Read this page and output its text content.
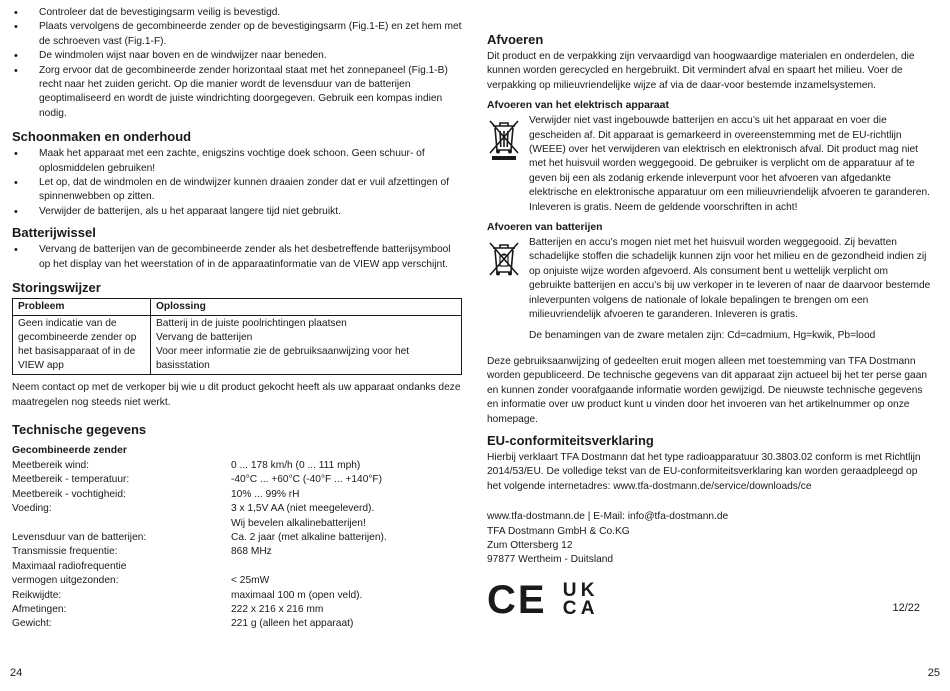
• Controleer dat de bevestigingsarm veilig is bevestigd.
• Plaats vervolgens de gecombineerde zender op de bevestigingsarm (Fig.1-E) en zet hem met de schroeven vast (Fig.1-F).
• De windmolen wijst naar boven en de windwijzer naar beneden.
• Zorg ervoor dat de gecombineerde zender horizontaal staat met het zonnepaneel (Fig.1-B) recht naar het zuiden gericht. Op die manier wordt de levensduur van de batterijen geoptimaliseerd en wordt de juiste windrichting doorgegeven. Gebruik een kompas indien nodig.
Schoonmaken en onderhoud
• Maak het apparaat met een zachte, enigszins vochtige doek schoon. Geen schuur- of oplosmiddelen gebruiken!
• Let op, dat de windmolen en de windwijzer kunnen draaien zonder dat er vuil afzettingen of spinnenwebben op zitten.
• Verwijder de batterijen, als u het apparaat langere tijd niet gebruikt.
Batterijwissel
• Vervang de batterijen van de gecombineerde zender als het desbetreffende batterijsymbool op het display van het weerstation of in de apparaatinformatie van de VIEW app verschijnt.
Storingswijzer
Probleem	Oplossing
Geen indicatie van de gecombineerde zender op het basisapparaat of in de VIEW app	Batterij in de juiste poolrichtingen plaatsen
Vervang de batterijen
Voor meer informatie zie de gebruiksaanwijzing voor het basisstation

Neem contact op met de verkoper bij wie u dit product gekocht heeft als uw apparaat ondanks deze maatregelen nog steeds niet werkt.

Technische gegevens
Gecombineerde zender
Meetbereik wind:	0 ... 178 km/h (0 ... 111 mph)
Meetbereik - temperatuur:	-40°C ... +60°C (-40°F ... +140°F)
Meetbereik - vochtigheid:	10% ... 99% rH
Voeding:	3 x 1,5V AA (niet meegeleverd).
Wij bevelen alkalinebatterijen!
Levensduur van de batterijen:	Ca. 2 jaar (met alkaline batterijen).
Transmissie frequentie:	868 MHz
Maximaal radiofrequentie
vermogen uitgezonden:	< 25mW
Reikwijdte:	maximaal 100 m (open veld).
Afmetingen:	222 x 216 x 216 mm
Gewicht:	221 g (alleen het apparaat)
24
Afvoeren

Dit product en de verpakking zijn vervaardigd van hoogwaardige materialen en onderdelen, die kunnen worden gerecycled en hergebruikt. Dit vermindert afval en spaart het milieu. Voer de verpakking op milieuvriendelijke wijze af via de daar-voor bestemde inzamelsystemen.

Afvoeren van het elektrisch apparaat

Verwijder niet vast ingebouwde batterijen en accu’s uit het apparaat en voer die gescheiden af. Dit apparaat is gemarkeerd in overeenstemming met de EU-richtlijn (WEEE) over het verwijderen van elektrisch en elektronisch afval. Dit product mag niet met het huisvuil worden weggegooid. De gebruiker is verplicht om de apparatuur af te geven bij een als zodanig erkende inleverpunt voor het afvoeren van afgedankte elektrische en elektronische apparatuur om een milieuvriendelijk afvoeren te garanderen. Inleveren is gratis. Neem de geldende voorschriften in acht!

Afvoeren van batterijen

Batterijen en accu’s mogen niet met het huisvuil worden weggegooid. Zij bevatten schadelijke stoffen die schadelijk kunnen zijn voor het milieu en de gezondheid indien zij op onjuiste wijze worden afgevoerd. Als consument bent u wettelijk verplicht om gebruikte batterijen en accu’s bij uw verkoper in te leveren of naar de daarvoor bestemde inleverpunten volgens de nationale of lokale bepalingen te brengen om een milieuvriendelijk afvoeren te garanderen. Inleveren is gratis.

De benamingen van de zware metalen zijn: Cd=cadmium, Hg=kwik, Pb=lood

Deze gebruiksaanwijzing of gedeelten eruit mogen alleen met toestemming van TFA Dostmann worden gepubliceerd. De technische gegevens van dit apparaat zijn actueel bij het ter perse gaan en kunnen zonder voorafgaande informatie worden gewijzigd. De nieuwste technische gegevens en informatie over uw product kunt u vinden door het invoeren van het artikelnummer op onze homepage.

EU-conformiteitsverklaring

Hierbij verklaart TFA Dostmann dat het type radioapparatuur 30.3803.02 conform is met Richtlijn 2014/53/EU. De volledige tekst van de EU-conformiteitsverklaring kan worden geraadpleegd op het volgende internetadres: www.tfa-dostmann.de/service/downloads/ce

www.tfa-dostmann.de | E-Mail: info@tfa-dostmann.de
TFA Dostmann GmbH & Co.KG
Zum Ottersberg 12
97877 Wertheim - Duitsland
CE U K
C A	12/22
25
